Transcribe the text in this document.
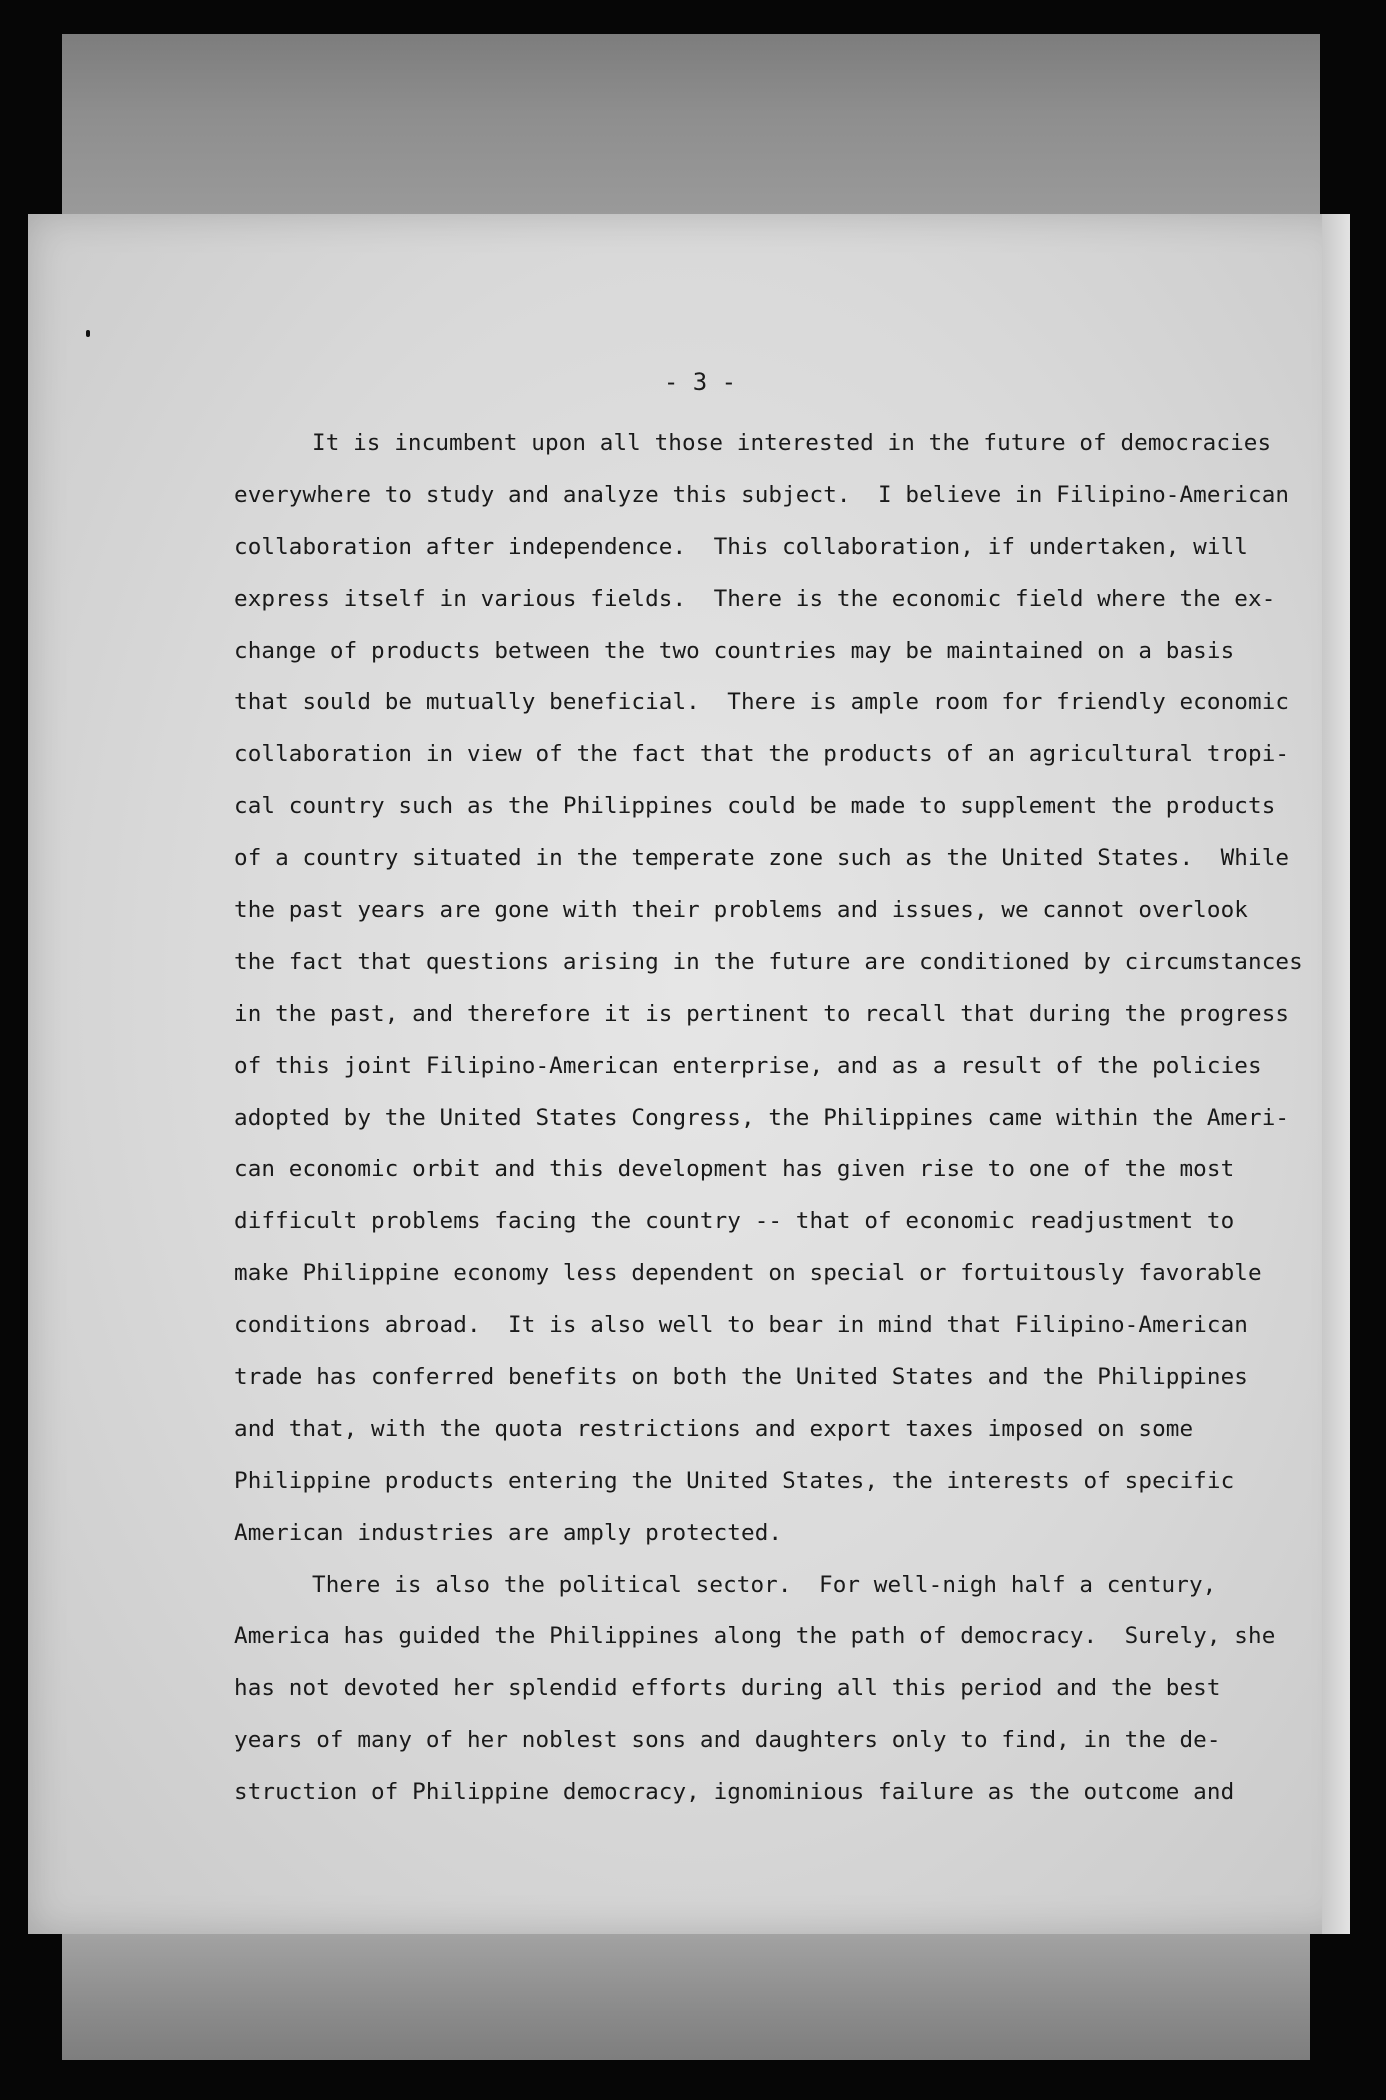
- 3 -
It is incumbent upon all those interested in the future of democracies
everywhere to study and analyze this subject.  I believe in Filipino-American
collaboration after independence.  This collaboration, if undertaken, will
express itself in various fields.  There is the economic field where the ex-
change of products between the two countries may be maintained on a basis
that sould be mutually beneficial.  There is ample room for friendly economic
collaboration in view of the fact that the products of an agricultural tropi-
cal country such as the Philippines could be made to supplement the products
of a country situated in the temperate zone such as the United States.  While
the past years are gone with their problems and issues, we cannot overlook
the fact that questions arising in the future are conditioned by circumstances
in the past, and therefore it is pertinent to recall that during the progress
of this joint Filipino-American enterprise, and as a result of the policies
adopted by the United States Congress, the Philippines came within the Ameri-
can economic orbit and this development has given rise to one of the most
difficult problems facing the country -- that of economic readjustment to
make Philippine economy less dependent on special or fortuitously favorable
conditions abroad.  It is also well to bear in mind that Filipino-American
trade has conferred benefits on both the United States and the Philippines
and that, with the quota restrictions and export taxes imposed on some
Philippine products entering the United States, the interests of specific
American industries are amply protected.
There is also the political sector.  For well-nigh half a century,
America has guided the Philippines along the path of democracy.  Surely, she
has not devoted her splendid efforts during all this period and the best
years of many of her noblest sons and daughters only to find, in the de-
struction of Philippine democracy, ignominious failure as the outcome and
